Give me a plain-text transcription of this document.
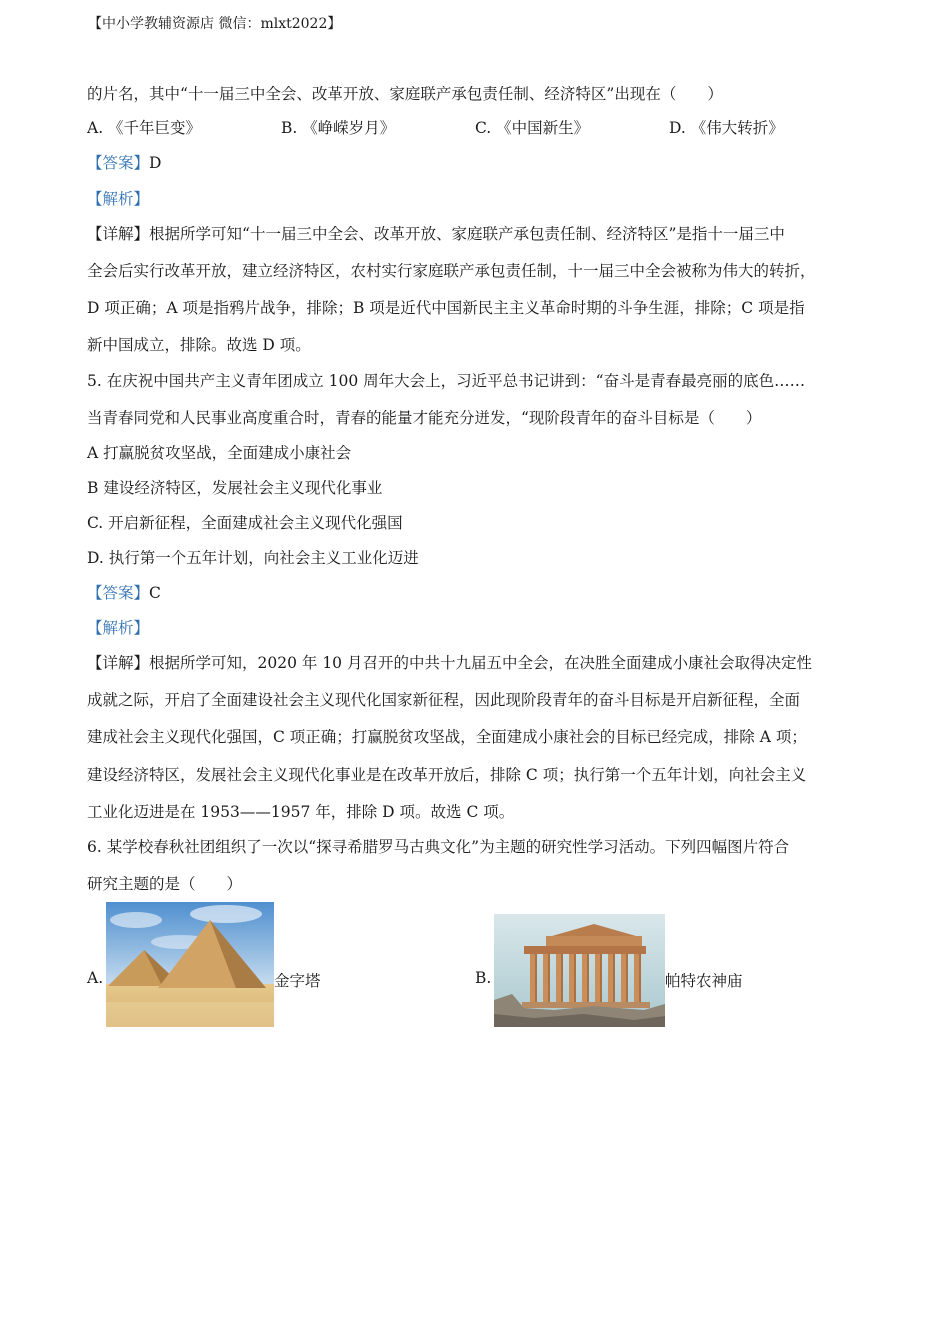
【中小学教辅资源店 微信：mlxt2022】
的片名，其中“十一届三中全会、改革开放、家庭联产承包责任制、经济特区”出现在（　　）
A. 《千年巨变》	B. 《峥嵘岁月》	C. 《中国新生》	D. 《伟大转折》
【答案】D
【解析】
【详解】根据所学可知“十一届三中全会、改革开放、家庭联产承包责任制、经济特区”是指十一届三中
全会后实行改革开放，建立经济特区，农村实行家庭联产承包责任制，十一届三中全会被称为伟大的转折，
D 项正确；A 项是指鸦片战争，排除；B 项是近代中国新民主主义革命时期的斗争生涯，排除；C 项是指
新中国成立，排除。故选 D 项。
5. 在庆祝中国共产主义青年团成立 100 周年大会上，习近平总书记讲到：“奋斗是青春最亮丽的底色……
当青春同党和人民事业高度重合时，青春的能量才能充分迸发，“现阶段青年的奋斗目标是（　　）
A 打赢脱贫攻坚战，全面建成小康社会
B 建设经济特区，发展社会主义现代化事业
C. 开启新征程，全面建成社会主义现代化强国
D. 执行第一个五年计划，向社会主义工业化迈进
【答案】C
【解析】
【详解】根据所学可知，2020 年 10 月召开的中共十九届五中全会，在决胜全面建成小康社会取得决定性
成就之际，开启了全面建设社会主义现代化国家新征程，因此现阶段青年的奋斗目标是开启新征程，全面
建成社会主义现代化强国，C 项正确；打赢脱贫攻坚战，全面建成小康社会的目标已经完成，排除 A 项；
建设经济特区，发展社会主义现代化事业是在改革开放后，排除 C 项；执行第一个五年计划，向社会主义
工业化迈进是在 1953——1957 年，排除 D 项。故选 C 项。
6. 某学校春秋社团组织了一次以“探寻希腊罗马古典文化”为主题的研究性学习活动。下列四幅图片符合
研究主题的是（　　）
A.	金字塔	B.	帕特农神庙
